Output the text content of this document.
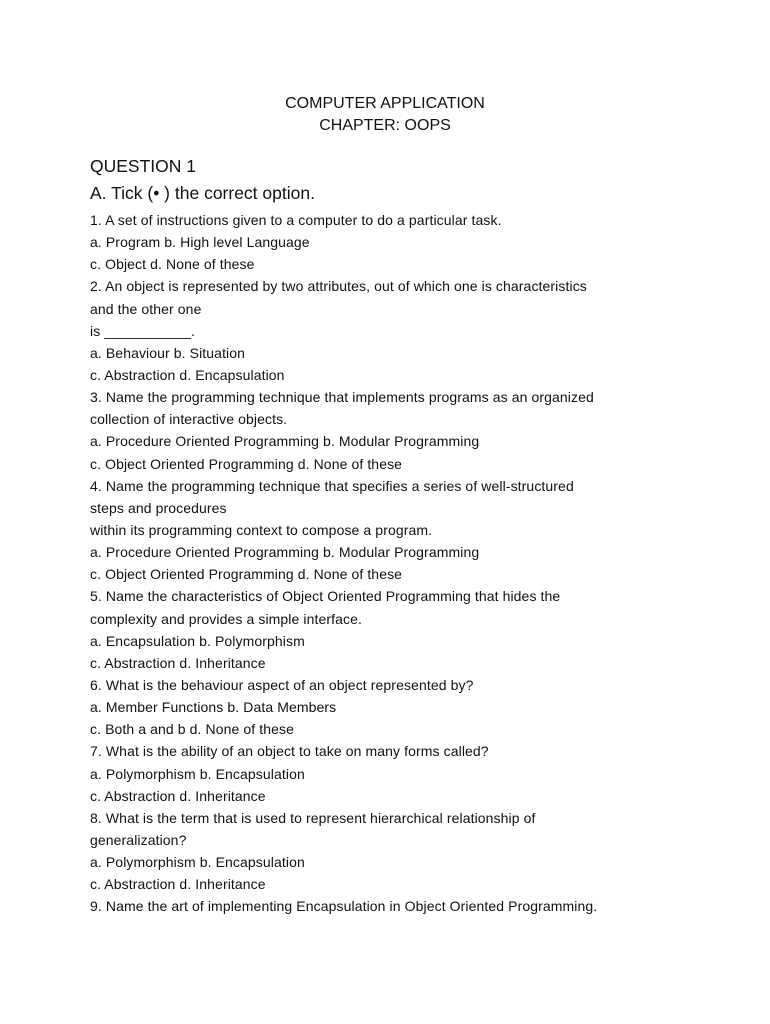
COMPUTER APPLICATION
CHAPTER: OOPS
QUESTION 1
A. Tick (• ) the correct option.
1. A set of instructions given to a computer to do a particular task.
a. Program b. High level Language
c. Object d. None of these
2. An object is represented by two attributes, out of which one is characteristics
and the other one
is ___________.
a. Behaviour b. Situation
c. Abstraction d. Encapsulation
3. Name the programming technique that implements programs as an organized
collection of interactive objects.
a. Procedure Oriented Programming b. Modular Programming
c. Object Oriented Programming d. None of these
4. Name the programming technique that specifies a series of well-structured
steps and procedures
within its programming context to compose a program.
a. Procedure Oriented Programming b. Modular Programming
c. Object Oriented Programming d. None of these
5. Name the characteristics of Object Oriented Programming that hides the
complexity and provides a simple interface.
a. Encapsulation b. Polymorphism
c. Abstraction d. Inheritance
6. What is the behaviour aspect of an object represented by?
a. Member Functions b. Data Members
c. Both a and b d. None of these
7. What is the ability of an object to take on many forms called?
a. Polymorphism b. Encapsulation
c. Abstraction d. Inheritance
8. What is the term that is used to represent hierarchical relationship of
generalization?
a. Polymorphism b. Encapsulation
c. Abstraction d. Inheritance
9. Name the art of implementing Encapsulation in Object Oriented Programming.
